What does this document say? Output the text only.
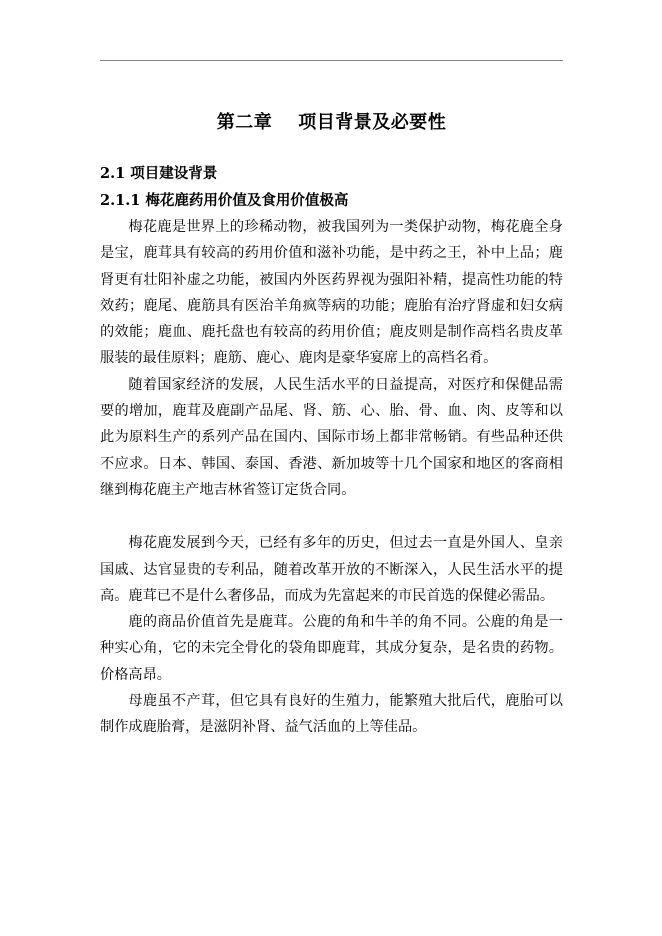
第二章 项目背景及必要性
2.1 项目建设背景
2.1.1 梅花鹿药用价值及食用价值极高

梅花鹿是世界上的珍稀动物，被我国列为一类保护动物，梅花鹿全身是宝，鹿茸具有较高的药用价值和滋补功能，是中药之王，补中上品；鹿肾更有壮阳补虚之功能，被国内外医药界视为强阳补精，提高性功能的特效药；鹿尾、鹿筋具有医治羊角疯等病的功能；鹿胎有治疗肾虚和妇女病的效能；鹿血、鹿托盘也有较高的药用价值；鹿皮则是制作高档名贵皮革服装的最佳原料；鹿筋、鹿心、鹿肉是豪华宴席上的高档名肴。

随着国家经济的发展，人民生活水平的日益提高，对医疗和保健品需要的增加，鹿茸及鹿副产品尾、肾、筋、心、胎、骨、血、肉、皮等和以此为原料生产的系列产品在国内、国际市场上都非常畅销。有些品种还供不应求。日本、韩国、泰国、香港、新加坡等十几个国家和地区的客商相继到梅花鹿主产地吉林省签订定货合同。

梅花鹿发展到今天，已经有多年的历史，但过去一直是外国人、皇亲国戚、达官显贵的专利品，随着改革开放的不断深入，人民生活水平的提高。鹿茸已不是什么奢侈品，而成为先富起来的市民首选的保健必需品。

鹿的商品价值首先是鹿茸。公鹿的角和牛羊的角不同。公鹿的角是一种实心角，它的未完全骨化的袋角即鹿茸，其成分复杂，是名贵的药物。价格高昂。

母鹿虽不产茸，但它具有良好的生殖力，能繁殖大批后代，鹿胎可以制作成鹿胎膏，是滋阴补肾、益气活血的上等佳品。
